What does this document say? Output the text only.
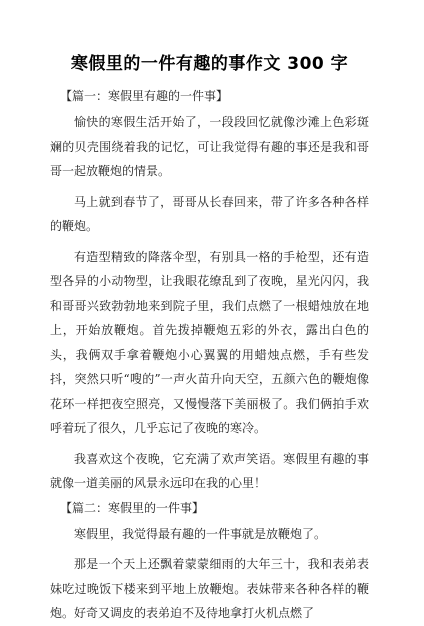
寒假里的一件有趣的事作文 300 字
【篇一：寒假里有趣的一件事】

愉快的寒假生活开始了，一段段回忆就像沙滩上色彩斑斓的贝壳围绕着我的记忆，可让我觉得有趣的事还是我和哥哥一起放鞭炮的情景。

马上就到春节了，哥哥从长春回来，带了许多各种各样的鞭炮。

有造型精致的降落伞型，有别具一格的手枪型，还有造型各异的小动物型，让我眼花缭乱到了夜晚，星光闪闪，我和哥哥兴致勃勃地来到院子里，我们点燃了一根蜡烛放在地上，开始放鞭炮。首先拨掉鞭炮五彩的外衣，露出白色的头，我俩双手拿着鞭炮小心翼翼的用蜡烛点燃，手有些发抖，突然只听“嗖的”一声火苗升向天空，五颜六色的鞭炮像花环一样把夜空照亮，又慢慢落下美丽极了。我们俩拍手欢呼着玩了很久，几乎忘记了夜晚的寒冷。

我喜欢这个夜晚，它充满了欢声笑语。寒假里有趣的事就像一道美丽的风景永远印在我的心里！

【篇二：寒假里的一件事】

寒假里，我觉得最有趣的一件事就是放鞭炮了。

那是一个天上还飘着蒙蒙细雨的大年三十，我和表弟表妹吃过晚饭下楼来到平地上放鞭炮。表妹带来各种各样的鞭炮。好奇又调皮的表弟迫不及待地拿打火机点燃了
